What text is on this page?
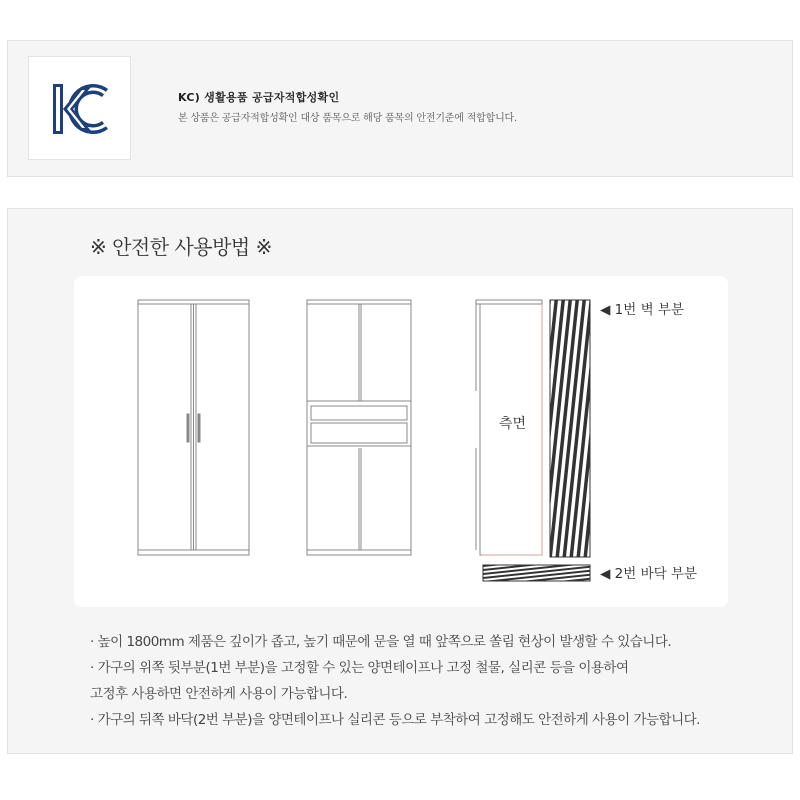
KC) 생활용품 공급자적합성확인
본 상품은 공급자적합성확인 대상 품목으로 해당 품목의 안전기준에 적합합니다.
※ 안전한 사용방법 ※
측면
◀ 1번 벽 부분
◀ 2번 바닥 부분
· 높이 1800mm 제품은 깊이가 좁고, 높기 때문에 문을 열 때 앞쪽으로 쏠림 현상이 발생할 수 있습니다.
· 가구의 위쪽 뒷부분(1번 부분)을 고정할 수 있는 양면테이프나 고정 철물, 실리콘 등을 이용하여
고정후 사용하면 안전하게 사용이 가능합니다.
· 가구의 뒤쪽 바닥(2번 부분)을 양면테이프나 실리콘 등으로 부착하여 고정해도 안전하게 사용이 가능합니다.
